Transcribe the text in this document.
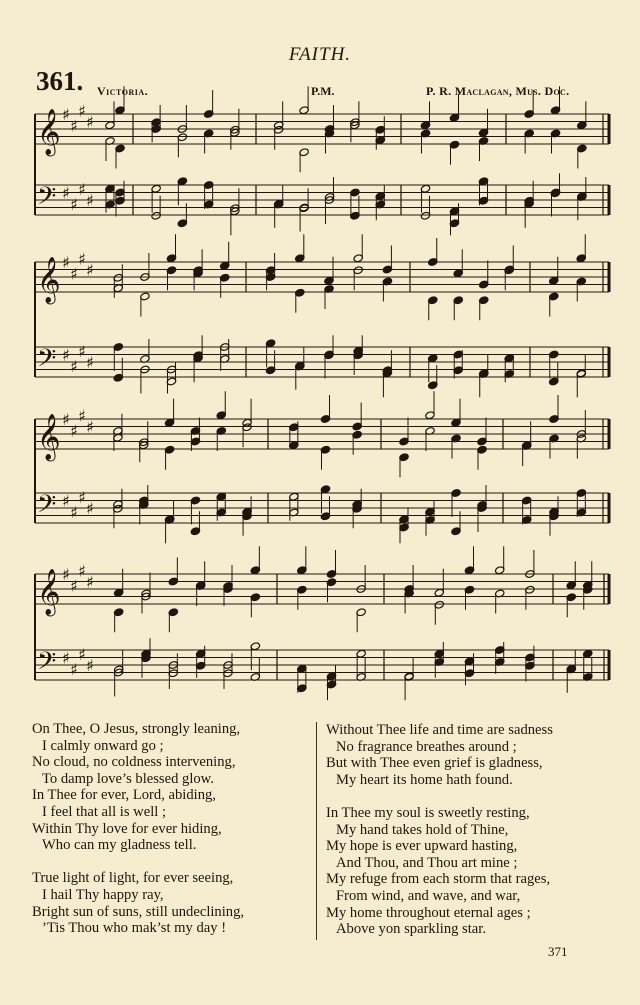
FAITH.
361. Victoria.	P.M.	P. R. Maclagan, Mus. Doc.
𝄞 ♯
♯
♯
♯
𝄢 ♯
♯
♯
♯
𝄞 ♯
♯
♯
♯
𝄢 ♯
♯
♯
♯
𝄞 ♯
♯
♯
♯
𝄢 ♯
♯
♯
♯
𝄞 ♯
♯
♯
♯
𝄢 ♯
♯
♯
♯
On Thee, O Jesus, strongly leaning,
I calmly onward go ;
No cloud, no coldness intervening,
To damp love’s blessed glow.
In Thee for ever, Lord, abiding,
I feel that all is well ;
Within Thy love for ever hiding,
Who can my gladness tell.
True light of light, for ever seeing,
I hail Thy happy ray,
Bright sun of suns, still undeclining,
’Tis Thou who mak’st my day !
Without Thee life and time are sadness
No fragrance breathes around ;
But with Thee even grief is gladness,
My heart its home hath found.
In Thee my soul is sweetly resting,
My hand takes hold of Thine,
My hope is ever upward hasting,
And Thou, and Thou art mine ;
My refuge from each storm that rages,
From wind, and wave, and war,
My home throughout eternal ages ;
Above yon sparkling star.
371
